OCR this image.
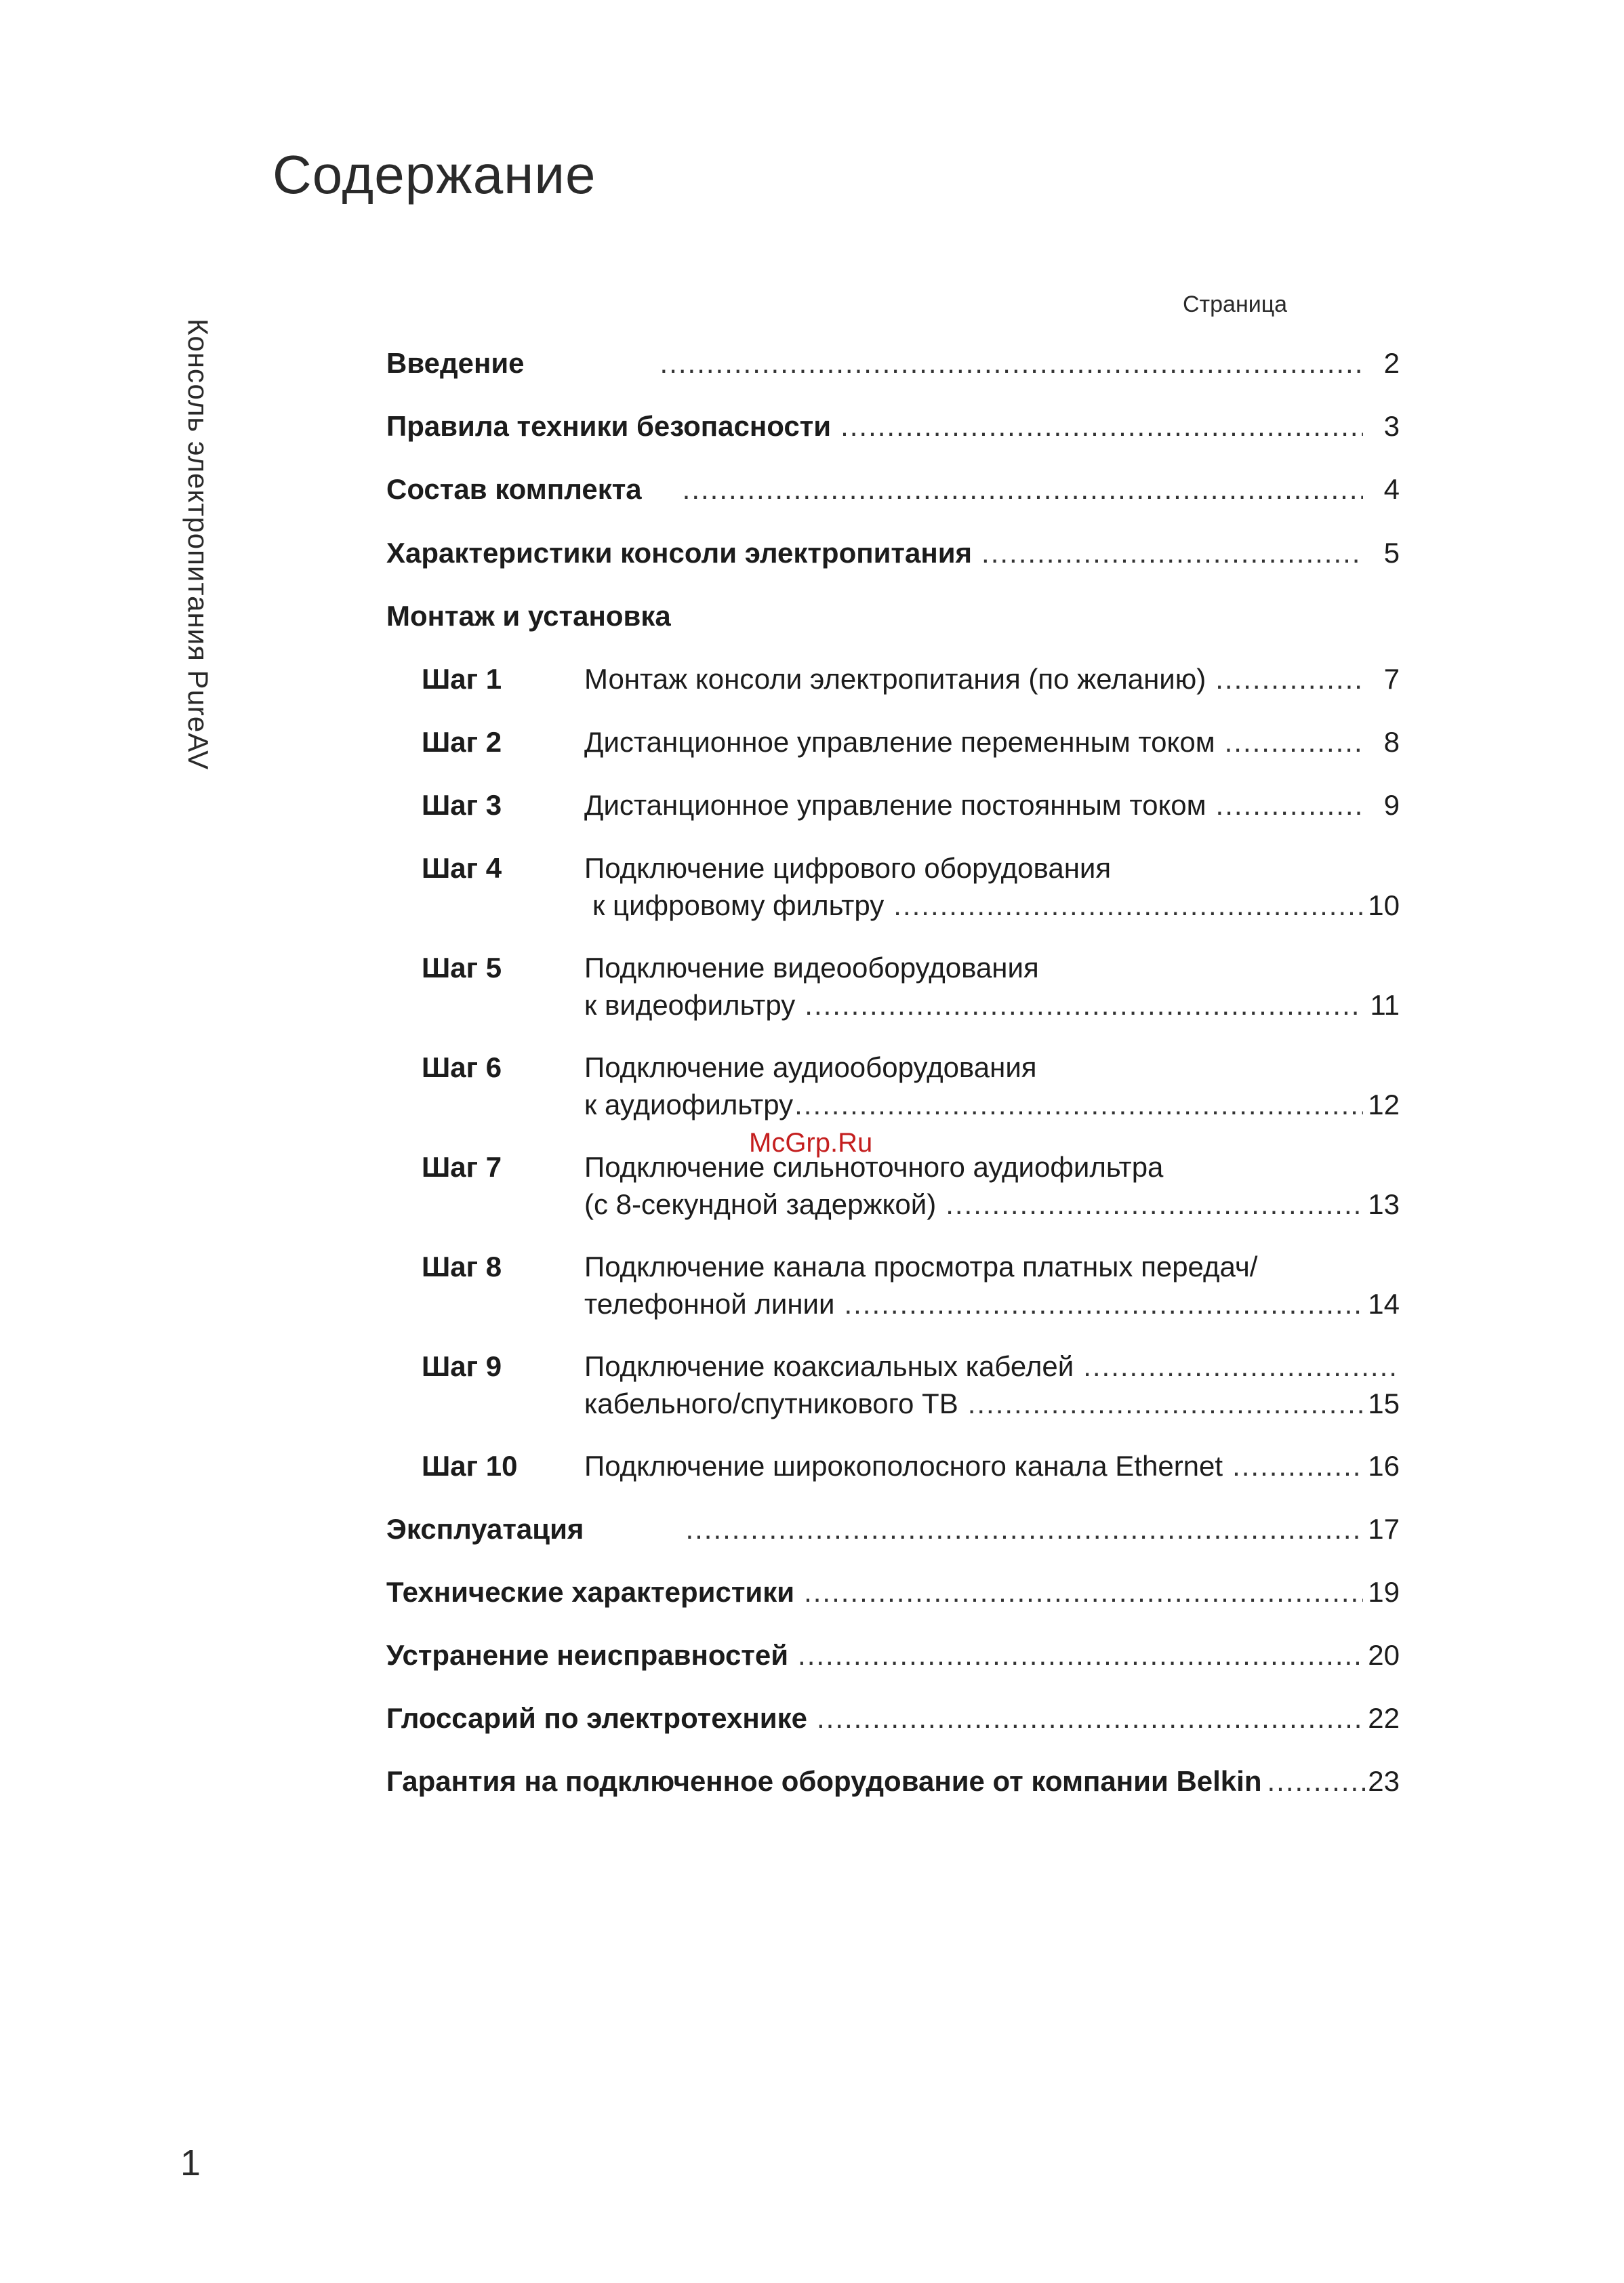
Содержание
Консоль электропитания PureAV
Страница
Введение .....	2
Правила техники безопасности .....	3
Состав комплекта .....	4
Характеристики консоли электропитания .....	5
Монтаж и установка
Шаг 1	Монтаж консоли электропитания (по желанию) .....	7
Шаг 2	Дистанционное управление переменным током .....	8
Шаг 3	Дистанционное управление постоянным током .....	9
Шаг 4	Подключение цифрового оборудования
к цифровому фильтру .....	10
Шаг 5	Подключение видеооборудования
к видеофильтру .....	11
Шаг 6	Подключение аудиооборудования
к аудиофильтру .....	12
Шаг 7	Подключение сильноточного аудиофильтра
(с 8-секундной задержкой) .....	13
Шаг 8	Подключение канала просмотра платных передач/
телефонной линии .....	14
Шаг 9	Подключение коаксиальных кабелей
.....
кабельного/спутникового ТВ .....	15
Шаг 10	Подключение широкополосного канала Ethernet .....	16
Эксплуатация .....	17
Технические характеристики .....	19
Устранение неисправностей .....	20
Глоссарий по электротехнике .....	22
Гарантия на подключенное оборудование от компании Belkin .....	23
McGrp.Ru
1
